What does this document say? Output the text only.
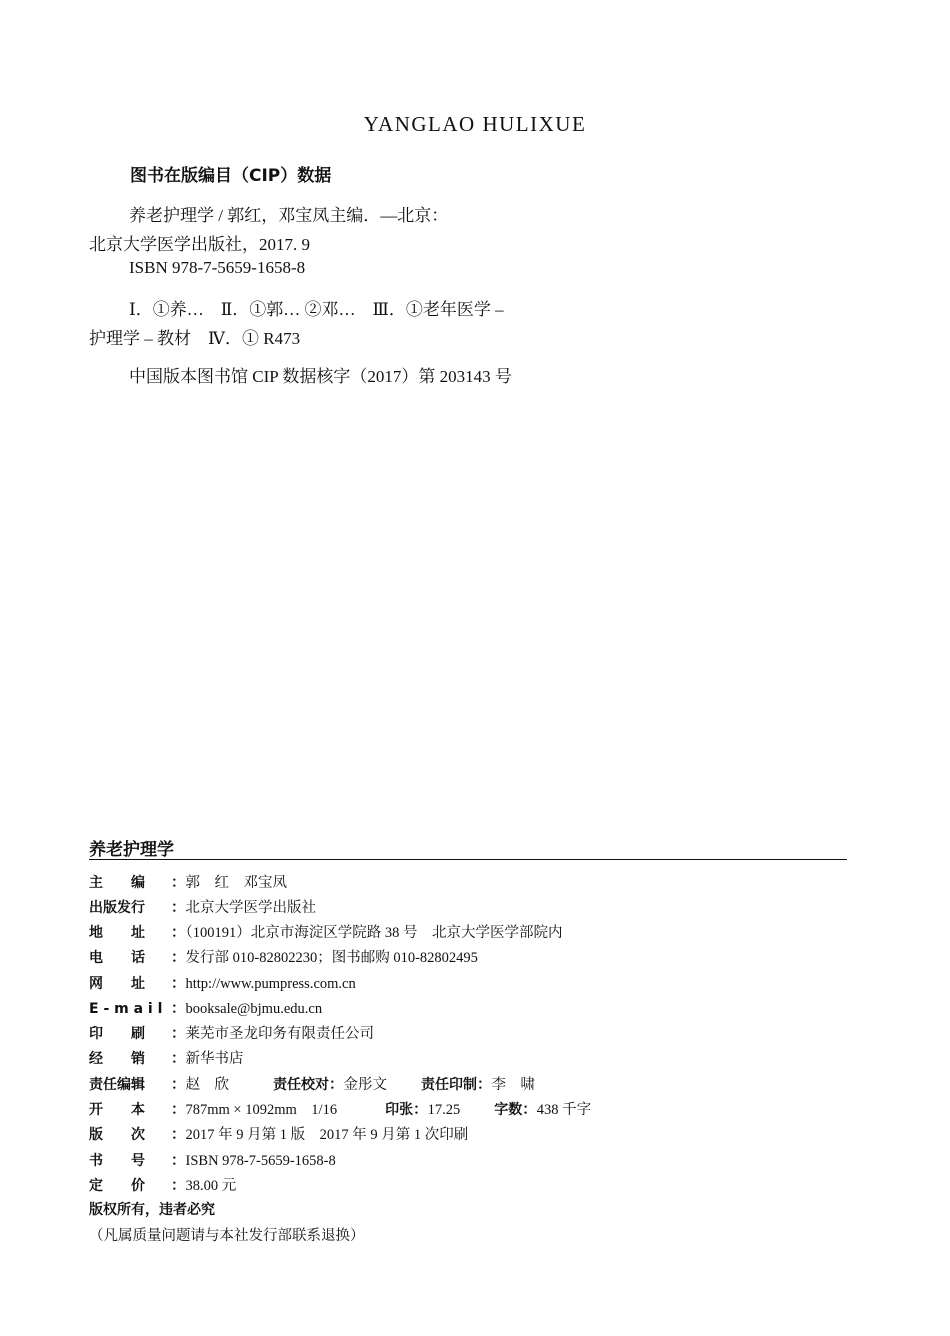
YANGLAO HULIXUE
图书在版编目（CIP）数据
养老护理学 / 郭红，邓宝凤主编．—北京：
北京大学医学出版社，2017. 9
ISBN 978-7-5659-1658-8
Ⅰ．①养…　Ⅱ．①郭… ②邓…　Ⅲ．①老年医学 –
护理学 – 教材　Ⅳ．① R473
中国版本图书馆 CIP 数据核字（2017）第 203143 号
养老护理学
主　　编 ：郭　红　邓宝凤
出版发行 ：北京大学医学出版社
地　　址 ：（100191）北京市海淀区学院路 38 号　北京大学医学部院内
电　　话 ：发行部 010-82802230；图书邮购 010-82802495
网　　址 ：http://www.pumpress.com.cn
E - m a i l ：booksale@bjmu.edu.cn
印　　刷 ：莱芜市圣龙印务有限责任公司
经　　销 ：新华书店
责任编辑 ：赵　欣	责任校对：金彤文 责任印制：李　啸
开　　本 ：787mm × 1092mm　1/16	印张：17.25 字数：438 千字
版　　次 ：2017 年 9 月第 1 版　2017 年 9 月第 1 次印刷
书　　号 ：ISBN 978-7-5659-1658-8
定　　价 ：38.00 元
版权所有，违者必究
（凡属质量问题请与本社发行部联系退换）
